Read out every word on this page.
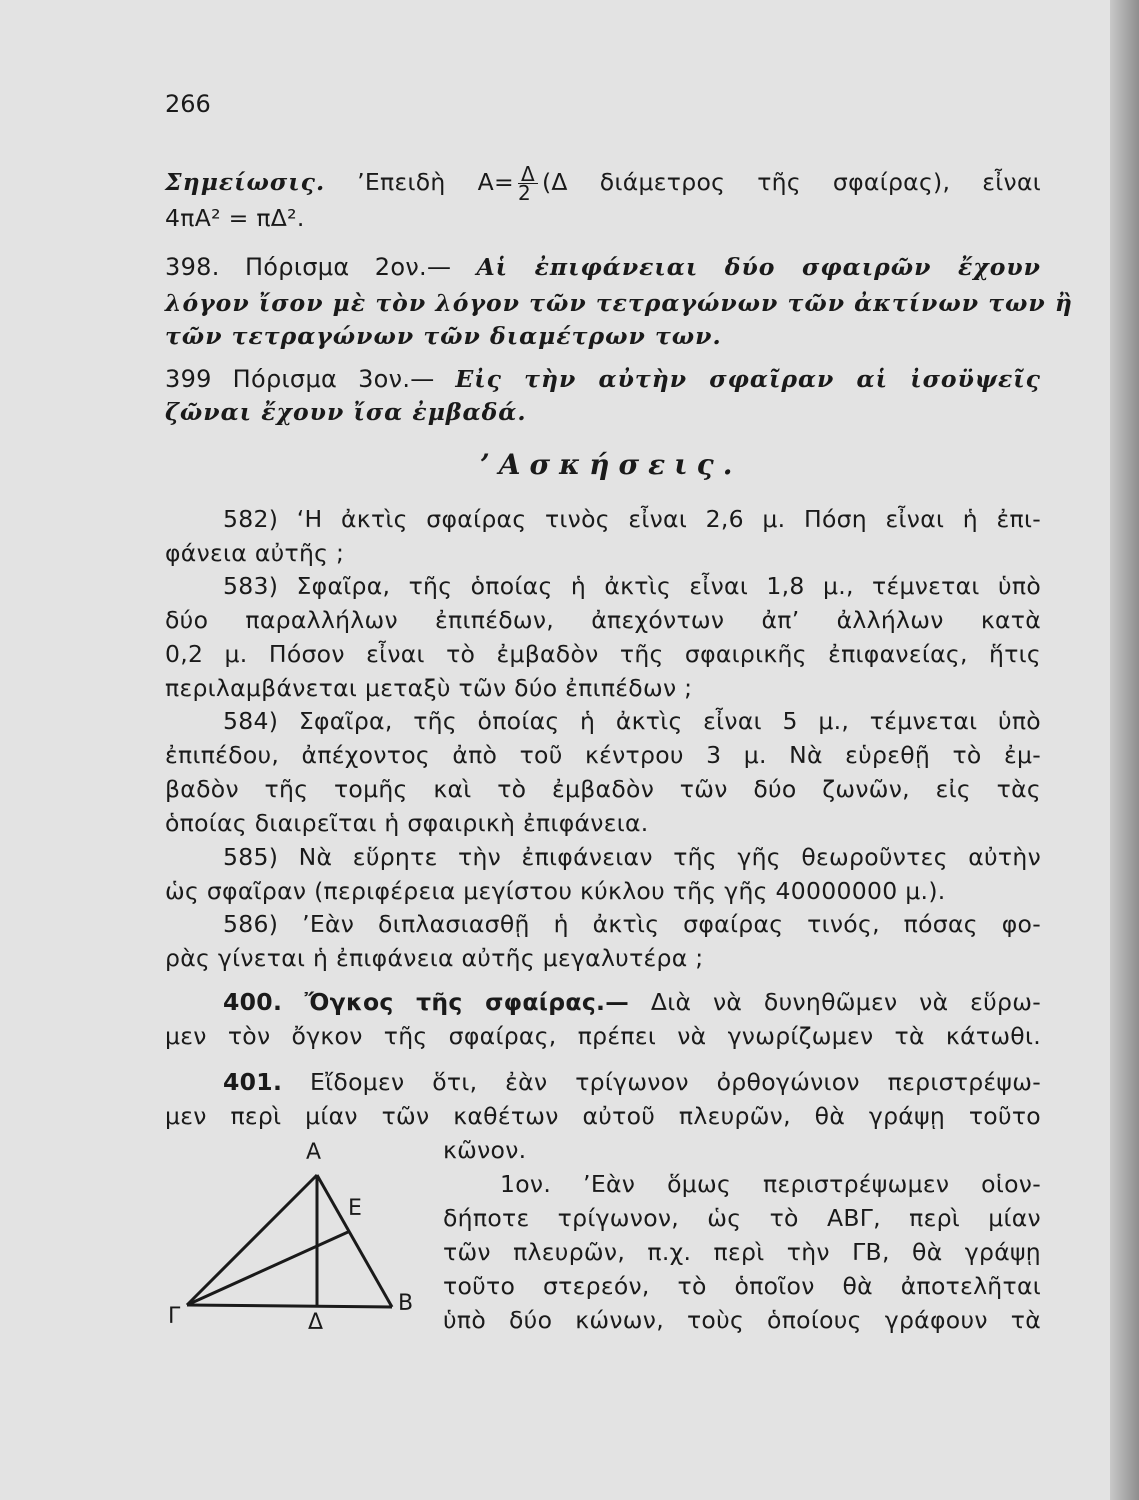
266
Σημείωσις. ’Επειδὴ $A= \frac{\Delta}{2} (\Delta$ διάμετρος τῆς σφαίρας), εἶναι
4πΑ² = πΔ².
398. Πόρισμα 2ον.— Αἱ ἐπιφάνειαι δύο σφαιρῶν ἔχουν
λόγον ἴσον μὲ τὸν λόγον τῶν τετραγώνων τῶν ἀκτίνων των ἢ
τῶν τετραγώνων τῶν διαμέτρων των.
399 Πόρισμα 3ον.— Εἰς τὴν αὐτὴν σφαῖραν αἱ ἰσοϋψεῖς
ζῶναι ἔχουν ἴσα ἐμβαδά.
’Ασκήσεις.
582) ‘Η ἀκτὶς σφαίρας τινὸς εἶναι 2,6 μ. Πόση εἶναι ἡ ἐπι-
φάνεια αὐτῆς ;
583) Σφαῖρα, τῆς ὁποίας ἡ ἀκτὶς εἶναι 1,8 μ., τέμνεται ὑπὸ
δύο παραλλήλων ἐπιπέδων, ἀπεχόντων ἀπ’ ἀλλήλων κατὰ
0,2 μ. Πόσον εἶναι τὸ ἐμβαδὸν τῆς σφαιρικῆς ἐπιφανείας, ἥτις
περιλαμβάνεται μεταξὺ τῶν δύο ἐπιπέδων ;
584) Σφαῖρα, τῆς ὁποίας ἡ ἀκτὶς εἶναι 5 μ., τέμνεται ὑπὸ
ἐπιπέδου, ἀπέχοντος ἀπὸ τοῦ κέντρου 3 μ. Νὰ εὑρεθῇ τὸ ἐμ-
βαδὸν τῆς τομῆς καὶ τὸ ἐμβαδὸν τῶν δύο ζωνῶν, εἰς τὰς
ὁποίας διαιρεῖται ἡ σφαιρικὴ ἐπιφάνεια.
585) Νὰ εὕρητε τὴν ἐπιφάνειαν τῆς γῆς θεωροῦντες αὐτὴν
ὡς σφαῖραν (περιφέρεια μεγίστου κύκλου τῆς γῆς 40000000 μ.).
586) ’Εὰν διπλασιασθῇ ἡ ἀκτὶς σφαίρας τινός, πόσας φο-
ρὰς γίνεται ἡ ἐπιφάνεια αὐτῆς μεγαλυτέρα ;
400. Ὄγκος τῆς σφαίρας.— Διὰ νὰ δυνηθῶμεν νὰ εὕρω-
μεν τὸν ὄγκον τῆς σφαίρας, πρέπει νὰ γνωρίζωμεν τὰ κάτωθι.
401. Εἴδομεν ὅτι, ἐὰν τρίγωνον ὀρθογώνιον περιστρέψω-
μεν περὶ μίαν τῶν καθέτων αὐτοῦ πλευρῶν, θὰ γράψῃ τοῦτο
κῶνον.
1ον. ’Εὰν ὅμως περιστρέψωμεν οἱον-
δήποτε τρίγωνον, ὡς τὸ ΑΒΓ, περὶ μίαν
τῶν πλευρῶν, π.χ. περὶ τὴν ΓΒ, θὰ γράψῃ
τοῦτο στερεόν, τὸ ὁποῖον θὰ ἀποτελῆται
ὑπὸ δύο κώνων, τοὺς ὁποίους γράφουν τὰ
Α
Ε
Β
Γ	Δ
